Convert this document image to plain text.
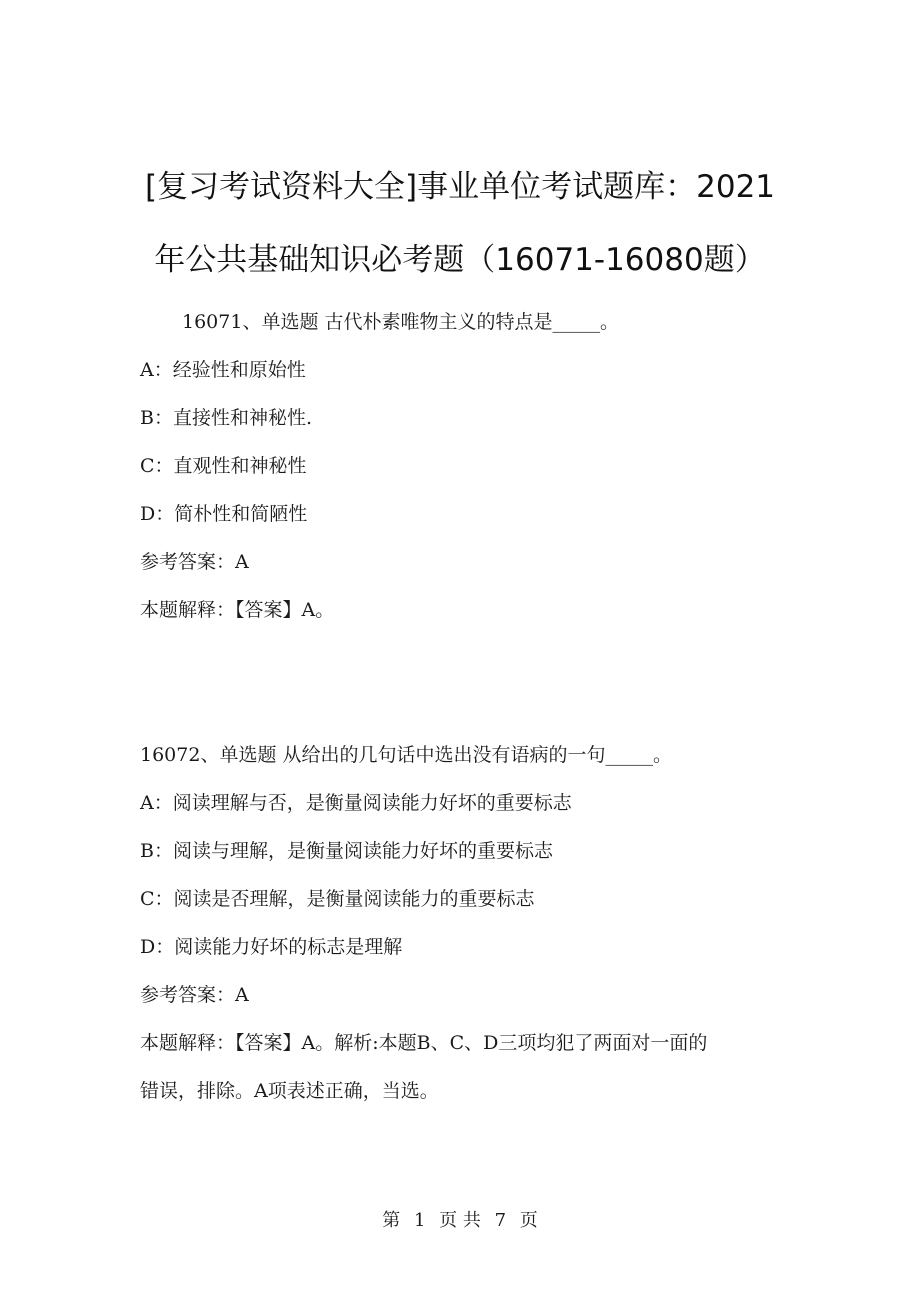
[复习考试资料大全]事业单位考试题库：2021
年公共基础知识必考题（16071-16080题）
16071、单选题 古代朴素唯物主义的特点是_____。
A：经验性和原始性
B：直接性和神秘性.
C：直观性和神秘性
D：简朴性和简陋性
参考答案：A
本题解释：【答案】A。
16072、单选题 从给出的几句话中选出没有语病的一句_____。
A：阅读理解与否，是衡量阅读能力好坏的重要标志
B：阅读与理解，是衡量阅读能力好坏的重要标志
C：阅读是否理解，是衡量阅读能力的重要标志
D：阅读能力好坏的标志是理解
参考答案：A
本题解释：【答案】A。解析:本题B、C、D三项均犯了两面对一面的
错误，排除。A项表述正确，当选。
第 1 页 共 7 页
